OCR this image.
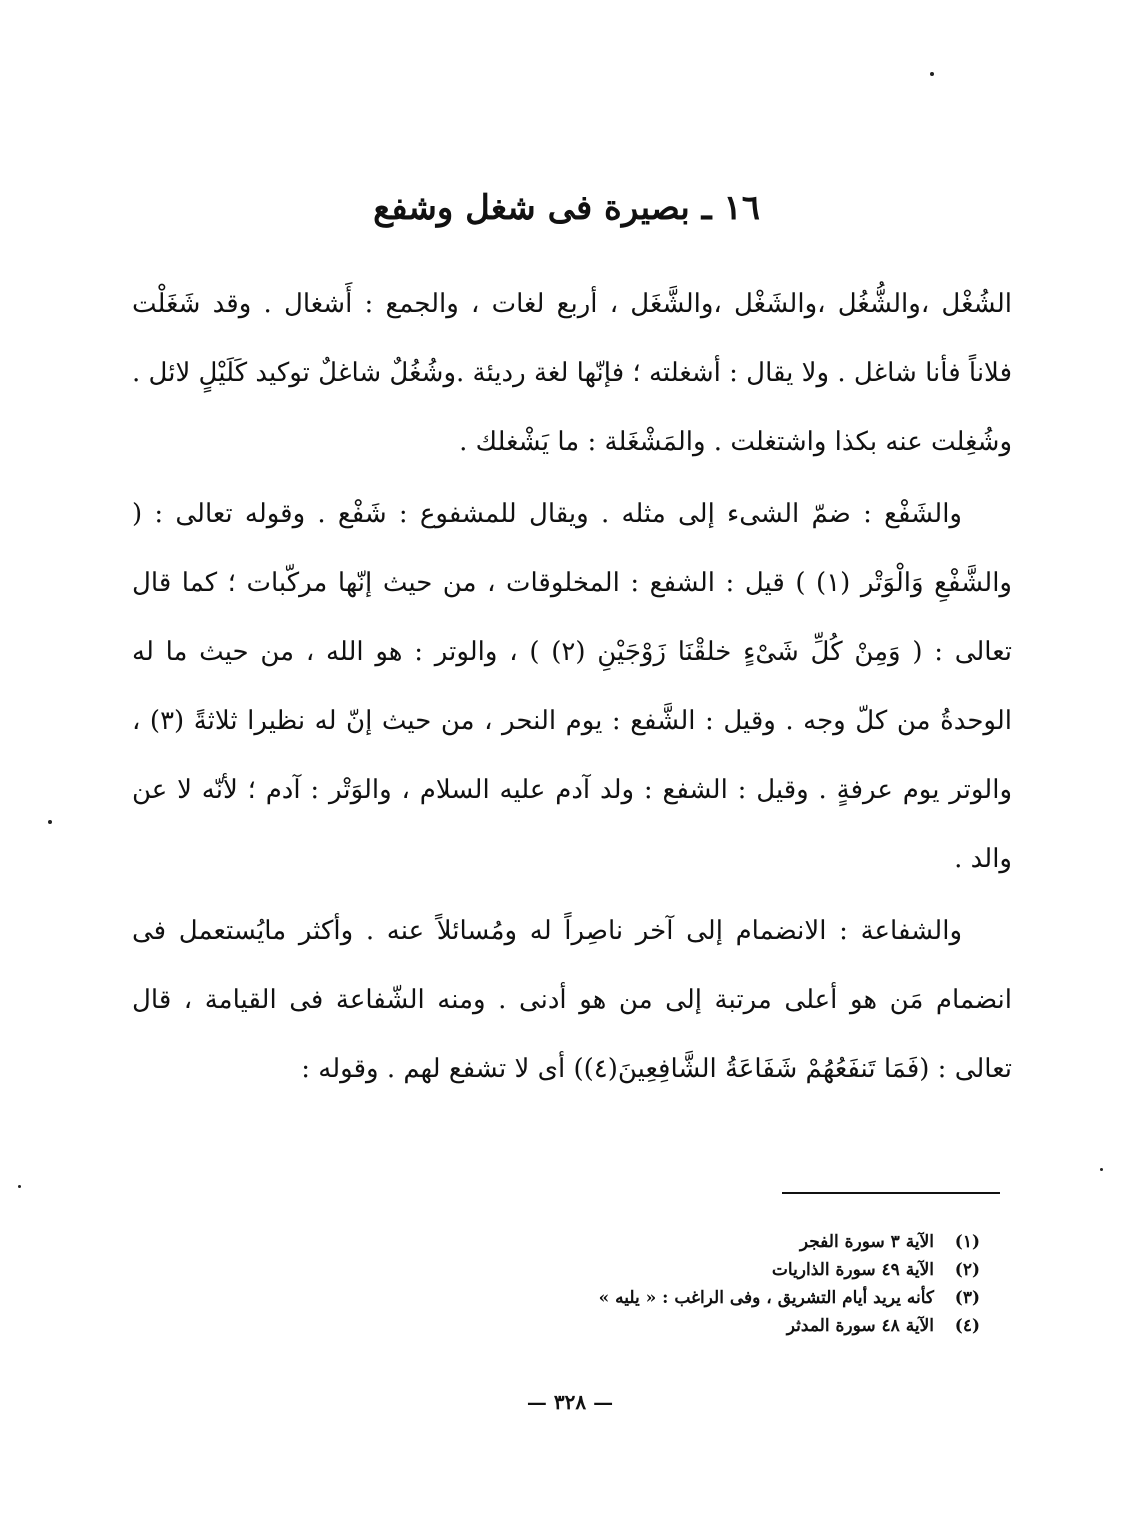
١٦ ـ بصيرة فى شغل وشفع

الشُغْل ،والشُّغُل ،والشَغْل ،والشَّغَل ، أربع لغات ، والجمع : أَشغال . وقد شَغَلْت فلاناً فأنا شاغل . ولا يقال : أشغلته ؛ فإنّها لغة رديئة .وشُغُلٌ شاغلٌ توكيد كَلَيْلٍ لائل . وشُغِلت عنه بكذا واشتغلت . والمَشْغَلة : ما يَشْغلك .

والشَفْع : ضمّ الشىء إلى مثله . ويقال للمشفوع : شَفْع . وقوله تعالى : ( والشَّفْعِ وَالْوَتْر (١) ) قيل : الشفع : المخلوقات ، من حيث إنّها مركّبات ؛ كما قال تعالى : ( وَمِنْ كُلِّ شَىْءٍ خلقْنَا زَوْجَيْنِ (٢) ) ، والوتر : هو الله ، من حيث ما له الوحدةُ من كلّ وجه . وقيل : الشَّفع : يوم النحر ، من حيث إنّ له نظيرا ثلاثةً (٣) ، والوتر يوم عرفةٍ . وقيل : الشفع : ولد آدم عليه السلام ، والوَتْر : آدم ؛ لأنّه لا عن والد .

والشفاعة : الانضمام إلى آخر ناصِراً له ومُسائلاً عنه . وأكثر مايُستعمل فى انضمام مَن هو أعلى مرتبة إلى من هو أدنى . ومنه الشّفاعة فى القيامة ، قال تعالى : (فَمَا تَنفَعُهُمْ شَفَاعَةُ الشَّافِعِينَ(٤)) أى لا تشفع لهم . وقوله :

(١)الآية ٣ سورة الفجر
(٢)الآية ٤٩ سورة الذاريات
(٣)كأنه يريد أيام التشريق ، وفى الراغب : « يليه »
(٤)الآية ٤٨ سورة المدثر
— ٣٢٨ —
